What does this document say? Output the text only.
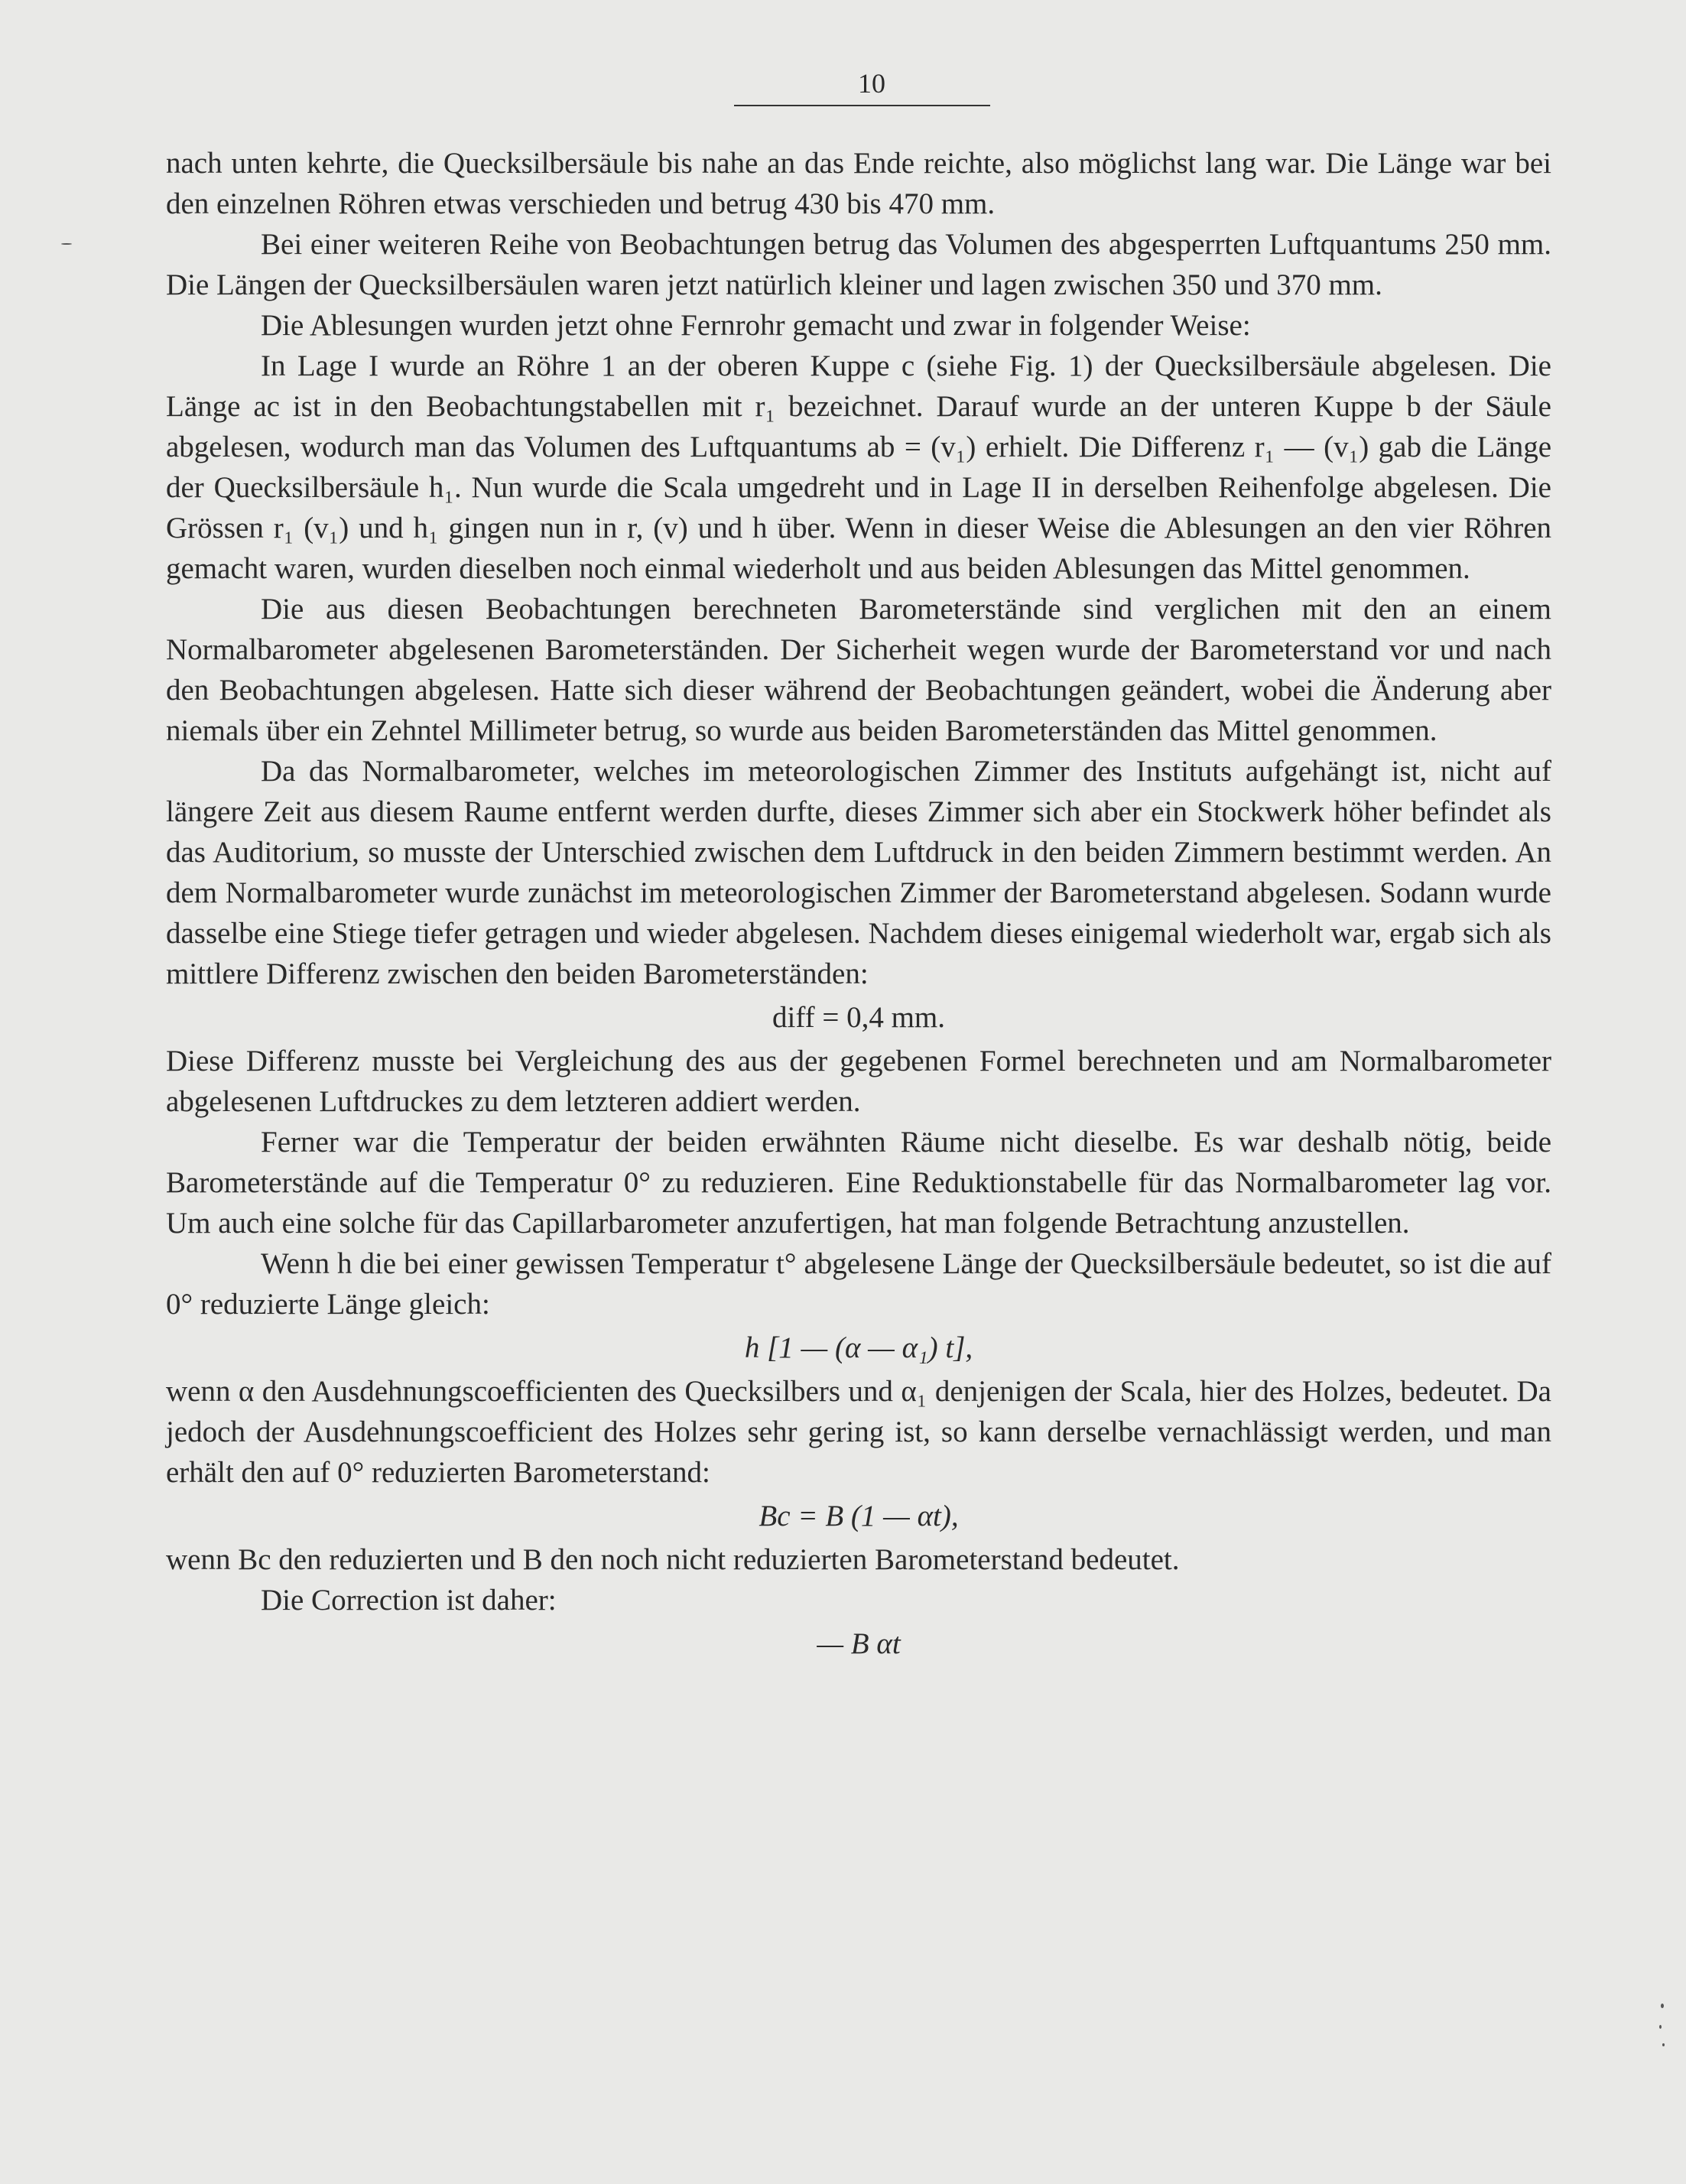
10

nach unten kehrte, die Quecksilbersäule bis nahe an das Ende reichte, also möglichst lang war. Die Länge war bei den einzelnen Röhren etwas verschieden und betrug 430 bis 470 mm.

Bei einer weiteren Reihe von Beobachtungen betrug das Volumen des abgesperrten Luftquantums 250 mm. Die Längen der Quecksilbersäulen waren jetzt natürlich kleiner und lagen zwischen 350 und 370 mm.

Die Ablesungen wurden jetzt ohne Fernrohr gemacht und zwar in folgender Weise:

In Lage I wurde an Röhre 1 an der oberen Kuppe c (siehe Fig. 1) der Quecksilbersäule abgelesen. Die Länge ac ist in den Beobachtungstabellen mit r₁ bezeichnet. Darauf wurde an der unteren Kuppe b der Säule abgelesen, wodurch man das Volumen des Luftquantums ab = (v₁) erhielt. Die Differenz r₁ — (v₁) gab die Länge der Quecksilbersäule h₁. Nun wurde die Scala umgedreht und in Lage II in derselben Reihenfolge abgelesen. Die Grössen r₁ (v₁) und h₁ gingen nun in r, (v) und h über. Wenn in dieser Weise die Ablesungen an den vier Röhren gemacht waren, wurden dieselben noch einmal wiederholt und aus beiden Ablesungen das Mittel genommen.

Die aus diesen Beobachtungen berechneten Barometerstände sind verglichen mit den an einem Normalbarometer abgelesenen Barometerständen. Der Sicherheit wegen wurde der Barometerstand vor und nach den Beobachtungen abgelesen. Hatte sich dieser während der Beobachtungen geändert, wobei die Änderung aber niemals über ein Zehntel Millimeter betrug, so wurde aus beiden Barometerständen das Mittel genommen.

Da das Normalbarometer, welches im meteorologischen Zimmer des Instituts aufgehängt ist, nicht auf längere Zeit aus diesem Raume entfernt werden durfte, dieses Zimmer sich aber ein Stockwerk höher befindet als das Auditorium, so musste der Unterschied zwischen dem Luftdruck in den beiden Zimmern bestimmt werden. An dem Normalbarometer wurde zunächst im meteorologischen Zimmer der Barometerstand abgelesen. Sodann wurde dasselbe eine Stiege tiefer getragen und wieder abgelesen. Nachdem dieses einigemal wiederholt war, ergab sich als mittlere Differenz zwischen den beiden Barometerständen:

diff = 0,4 mm.

Diese Differenz musste bei Vergleichung des aus der gegebenen Formel berechneten und am Normalbarometer abgelesenen Luftdruckes zu dem letzteren addiert werden.

Ferner war die Temperatur der beiden erwähnten Räume nicht dieselbe. Es war deshalb nötig, beide Barometerstände auf die Temperatur 0° zu reduzieren. Eine Reduktionstabelle für das Normalbarometer lag vor. Um auch eine solche für das Capillarbarometer anzufertigen, hat man folgende Betrachtung anzustellen.

Wenn h die bei einer gewissen Temperatur t° abgelesene Länge der Quecksilbersäule bedeutet, so ist die auf 0° reduzierte Länge gleich:

h [1 — (α — α₁) t],

wenn α den Ausdehnungscoefficienten des Quecksilbers und α₁ denjenigen der Scala, hier des Holzes, bedeutet. Da jedoch der Ausdehnungscoefficient des Holzes sehr gering ist, so kann derselbe vernachlässigt werden, und man erhält den auf 0° reduzierten Barometerstand:

Bc = B (1 — αt),

wenn Bc den reduzierten und B den noch nicht reduzierten Barometerstand bedeutet.

Die Correction ist daher:

— B αt
